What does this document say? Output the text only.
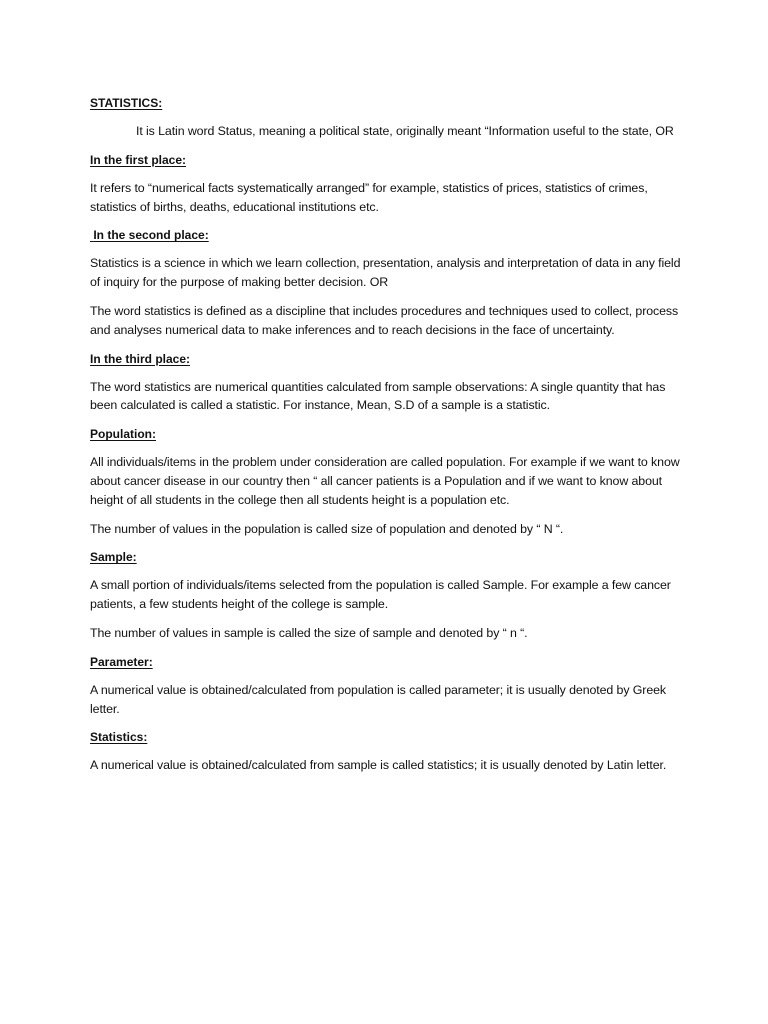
STATISTICS:

It is Latin word Status, meaning a political state, originally meant “Information useful to the state, OR

In the first place:

It refers to “numerical facts systematically arranged” for example, statistics of prices, statistics of crimes, statistics of births, deaths, educational institutions etc.

In the second place:

Statistics is a science in which we learn collection, presentation, analysis and interpretation of data in any field of inquiry for the purpose of making better decision. OR

The word statistics is defined as a discipline that includes procedures and techniques used to collect, process and analyses numerical data to make inferences and to reach decisions in the face of uncertainty.

In the third place:

The word statistics are numerical quantities calculated from sample observations: A single quantity that has been calculated is called a statistic. For instance, Mean, S.D of a sample is a statistic.

Population:

All individuals/items in the problem under consideration are called population. For example if we want to know about cancer disease in our country then “ all cancer patients is a Population and if we want to know about height of all students in the college then all students height is a population etc.

The number of values in the population is called size of population and denoted by “ N “.

Sample:

A small portion of individuals/items selected from the population is called Sample. For example a few cancer patients, a few students height of the college is sample.

The number of values in sample is called the size of sample and denoted by “ n “.

Parameter:

A numerical value is obtained/calculated from population is called parameter; it is usually denoted by Greek letter.

Statistics:

A numerical value is obtained/calculated from sample is called statistics; it is usually denoted by Latin letter.
